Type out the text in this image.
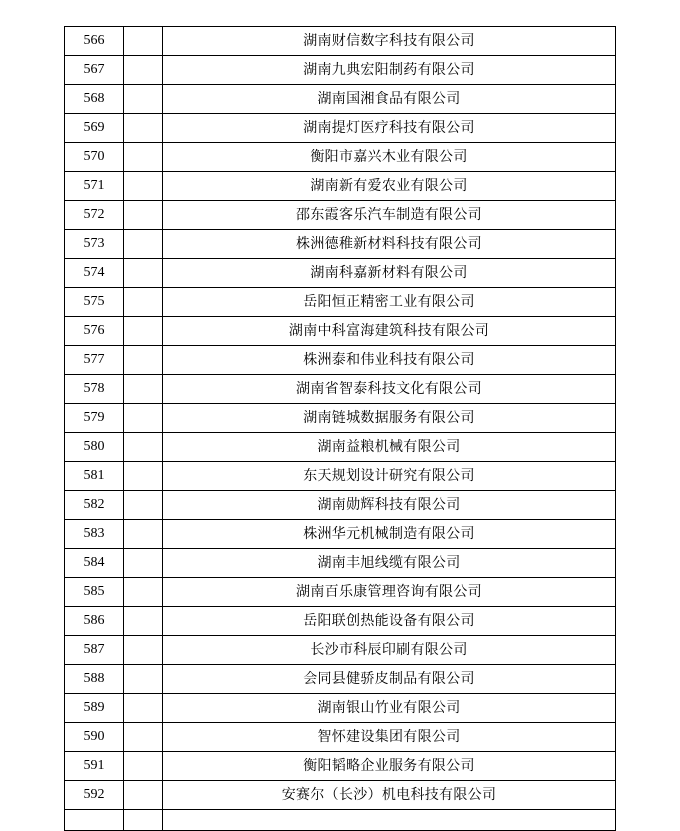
566		湖南财信数字科技有限公司
567		湖南九典宏阳制药有限公司
568		湖南国湘食品有限公司
569		湖南提灯医疗科技有限公司
570		衡阳市嘉兴木业有限公司
571		湖南新有爱农业有限公司
572		邵东霞客乐汽车制造有限公司
573		株洲德稚新材料科技有限公司
574		湖南科嘉新材料有限公司
575		岳阳恒正精密工业有限公司
576		湖南中科富海建筑科技有限公司
577		株洲泰和伟业科技有限公司
578		湖南省智泰科技文化有限公司
579		湖南链城数据服务有限公司
580		湖南益粮机械有限公司
581		东天规划设计研究有限公司
582		湖南勋辉科技有限公司
583		株洲华元机械制造有限公司
584		湖南丰旭线缆有限公司
585		湖南百乐康管理咨询有限公司
586		岳阳联创热能设备有限公司
587		长沙市科辰印刷有限公司
588		会同县健骄皮制品有限公司
589		湖南银山竹业有限公司
590		智怀建设集团有限公司
591		衡阳韬略企业服务有限公司
592		安赛尔（长沙）机电科技有限公司
